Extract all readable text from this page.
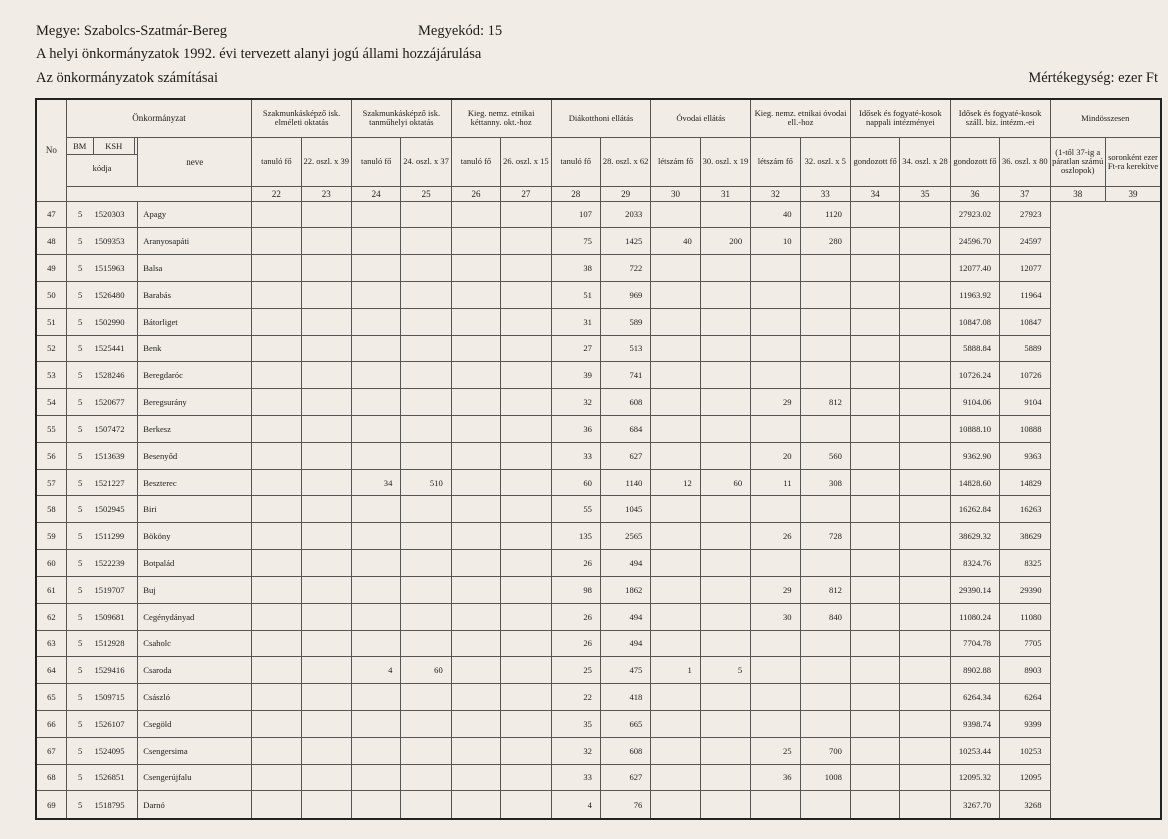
Megye: Szabolcs-Szatmár-Bereg	Megyekód: 15
A helyi önkormányzatok 1992. évi tervezett alanyi jogú állami hozzájárulása
Az önkormányzatok számításai	Mértékegység: ezer Ft
No	Önkormányzat			Szakmunkásképző isk. elméleti oktatás		Szakmunkásképző isk. tanműhelyi oktatás		Kieg. nemz. etnikai kéttanny. okt.-hoz		Diákotthoni ellátás		Óvodai ellátás		Kieg. nemz. etnikai óvodai ell.-hoz		Idősek és fogyaté-kosok nappali intézményei		Idősek és fogyaté-kosok száll. biz. intézm.-ei		Mindösszesen	

	BM KSH
kódja		neve	tanuló fő	22. oszl. x 39	tanuló fő	24. oszl. x 37	tanuló fő	26. oszl. x 15	tanuló fő	28. oszl. x 62	létszám fő	30. oszl. x 19	létszám fő	32. oszl. x 5	gondozott fő	34. oszl. x 28	gondozott fő	36. oszl. x 80	(1-től 37-ig a páratlan számú oszlopok)	soronként ezer Ft-ra kerekítve
				22	23	24	25	26	27	28	29	30	31	32	33	34	35	36	37	38	39
47	5	1520303	Apagy							107	2033			40	1120			27923.02	27923		
48	5	1509353	Aranyosapáti							75	1425	40	200	10	280			24596.70	24597		
49	5	1515963	Balsa							38	722							12077.40	12077		
50	5	1526480	Barabás							51	969							11963.92	11964		
51	5	1502990	Bátorliget							31	589							10847.08	10847		
52	5	1525441	Benk							27	513							5888.84	5889		
53	5	1528246	Beregdaróc							39	741							10726.24	10726		
54	5	1520677	Beregsurány							32	608			29	812			9104.06	9104		
55	5	1507472	Berkesz							36	684							10888.10	10888		
56	5	1513639	Besenyőd							33	627			20	560			9362.90	9363		
57	5	1521227	Beszterec			34	510			60	1140	12	60	11	308			14828.60	14829		
58	5	1502945	Biri							55	1045							16262.84	16263		
59	5	1511299	Bököny							135	2565			26	728			38629.32	38629		
60	5	1522239	Botpalád							26	494							8324.76	8325		
61	5	1519707	Buj							98	1862			29	812			29390.14	29390		
62	5	1509681	Cegénydányad							26	494			30	840			11080.24	11080		
63	5	1512928	Csaholc							26	494							7704.78	7705		
64	5	1529416	Csaroda			4	60			25	475	1	5					8902.88	8903		
65	5	1509715	Császló							22	418							6264.34	6264		
66	5	1526107	Csegöld							35	665							9398.74	9399		
67	5	1524095	Csengersima							32	608			25	700			10253.44	10253		
68	5	1526851	Csengerújfalu							33	627			36	1008			12095.32	12095		
69	5	1518795	Darnó							4	76							3267.70	3268		
